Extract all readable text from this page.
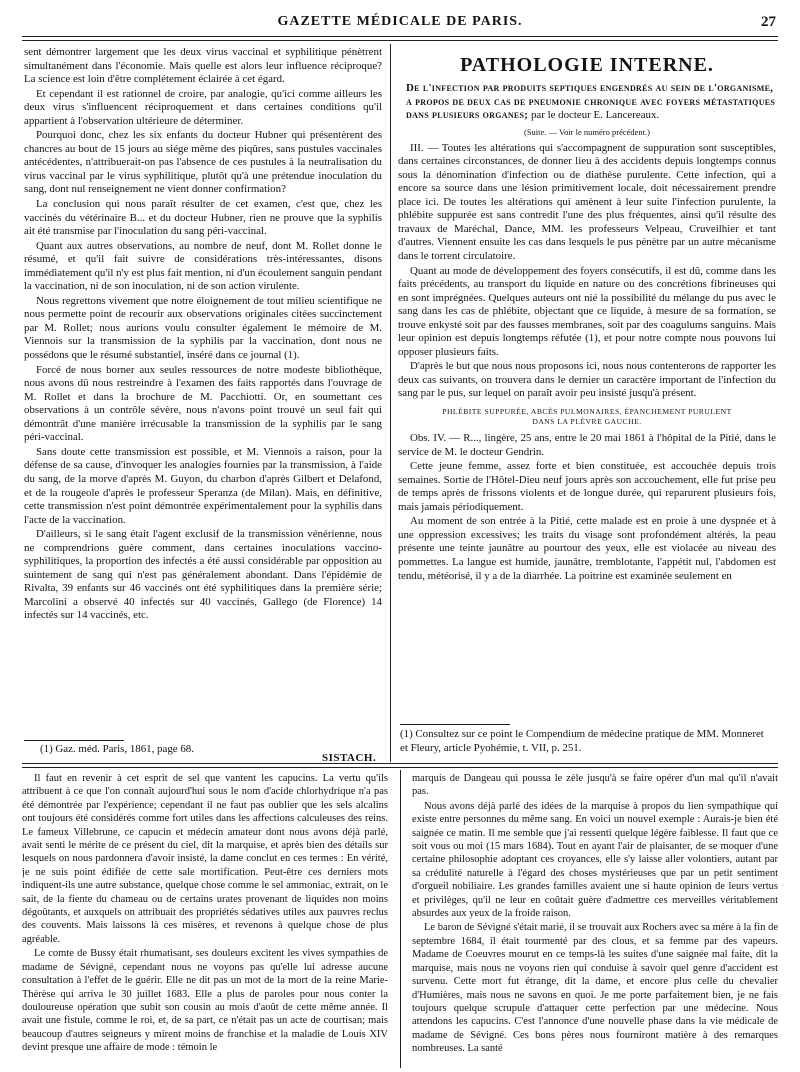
GAZETTE MÉDICALE DE PARIS.	27

sent démontrer largement que les deux virus vaccinal et syphilitique pénètrent simultanément dans l'économie. Mais quelle est alors leur influence réciproque? La science est loin d'être complétement éclairée à cet égard.

Et cependant il est rationnel de croire, par analogie, qu'ici comme ailleurs les deux virus s'influencent réciproquement et dans certaines conditions qu'il appartient à l'observation ultérieure de déterminer.

Pourquoi donc, chez les six enfants du docteur Hubner qui présentèrent des chancres au bout de 15 jours au siége même des piqûres, sans pustules vaccinales antécédentes, n'attribuerait-on pas l'absence de ces pustules à la neutralisation du virus vaccinal par le virus syphilitique, plutôt qu'à une prétendue inoculation du sang, dont nul renseignement ne vient donner confirmation?

La conclusion qui nous paraît résulter de cet examen, c'est que, chez les vaccinés du vétérinaire B... et du docteur Hubner, rien ne prouve que la syphilis ait été transmise par l'inoculation du sang péri-vaccinal.

Quant aux autres observations, au nombre de neuf, dont M. Rollet donne le résumé, et qu'il fait suivre de considérations très-intéressantes, disons immédiatement qu'il n'y est plus fait mention, ni d'un écoulement sanguin pendant la vaccination, ni de son inoculation, ni de son action virulente.

Nous regrettons vivement que notre éloignement de tout milieu scientifique ne nous permette point de recourir aux observations originales citées succinctement par M. Rollet; nous aurions voulu consulter également le mémoire de M. Viennois sur la transmission de la syphilis par la vaccination, dont nous ne possédons que le résumé substantiel, inséré dans ce journal (1).

Forcé de nous borner aux seules ressources de notre modeste bibliothèque, nous avons dû nous restreindre à l'examen des faits rapportés dans l'ouvrage de M. Rollet et dans la brochure de M. Pacchiotti. Or, en soumettant ces observations à un contrôle sévère, nous n'avons point trouvé un seul fait qui démontrât d'une manière irrécusable la transmission de la syphilis par le sang péri-vaccinal.

Sans doute cette transmission est possible, et M. Viennois a raison, pour la défense de sa cause, d'invoquer les analogies fournies par la transmission, à l'aide du sang, de la morve d'après M. Guyon, du charbon d'après Gilbert et Delafond, et de la rougeole d'après le professeur Speranza (de Milan). Mais, en définitive, cette transmission n'est point démontrée expérimentalement pour la syphilis dans l'acte de la vaccination.

D'ailleurs, si le sang était l'agent exclusif de la transmission vénérienne, nous ne comprendrions guère comment, dans certaines inoculations vaccino-syphilitiques, la proportion des infectés a été aussi considérable par opposition au suintement de sang qui n'est pas généralement abondant. Dans l'épidémie de Rivalta, 39 enfants sur 46 vaccinés ont été syphilitiques dans la première série; Marcolini a observé 40 infectés sur 40 vaccinés, Gallego (de Florence) 14 infectés sur 14 vaccinés, etc.

(1) Gaz. méd. Paris, 1861, page 68.
SISTACH.
PATHOLOGIE INTERNE.
De l'infection par produits septiques engendrés au sein de l'organisme, a propos de deux cas de pneumonie chronique avec foyers métastatiques dans plusieurs organes; par le docteur E. Lancereaux.
(Suite. — Voir le numéro précédent.)

III. — Toutes les altérations qui s'accompagnent de suppuration sont susceptibles, dans certaines circonstances, de donner lieu à des accidents depuis longtemps connus sous la dénomination d'infection ou de diathèse purulente. Cette infection, qui a encore sa source dans une lésion primitivement locale, doit nécessairement prendre place ici. De toutes les altérations qui amènent à leur suite l'infection purulente, la phlébite suppurée est sans contredit l'une des plus fréquentes, ainsi qu'il résulte des travaux de Maréchal, Dance, MM. les professeurs Velpeau, Cruveilhier et tant d'autres. Viennent ensuite les cas dans lesquels le pus pénètre par un autre mécanisme dans le torrent circulatoire.

Quant au mode de développement des foyers consécutifs, il est dû, comme dans les faits précédents, au transport du liquide en nature ou des concrétions fibrineuses qui en sont imprégnées. Quelques auteurs ont nié la possibilité du mélange du pus avec le sang dans les cas de phlébite, objectant que ce liquide, à mesure de sa formation, se trouve enkysté soit par des fausses membranes, soit par des coagulums sanguins. Mais leur opinion est depuis longtemps réfutée (1), et pour notre compte nous pouvons lui opposer plusieurs faits.

D'après le but que nous nous proposons ici, nous nous contenterons de rapporter les deux cas suivants, on trouvera dans le dernier un caractère important de l'infection du sang par le pus, sur lequel on paraît avoir peu insisté jusqu'à présent.

PHLÉBITE SUPPURÉE, ABCÈS PULMONAIRES, ÉPANCHEMENT PURULENT
DANS LA PLÈVRE GAUCHE.

Obs. IV. — R..., lingère, 25 ans, entre le 20 mai 1861 à l'hôpital de la Pitié, dans le service de M. le docteur Gendrin.

Cette jeune femme, assez forte et bien constituée, est accouchée depuis trois semaines. Sortie de l'Hôtel-Dieu neuf jours après son accouchement, elle fut prise peu de temps après de frissons violents et de longue durée, qui reparurent plusieurs fois, mais jamais périodiquement.

Au moment de son entrée à la Pitié, cette malade est en proie à une dyspnée et à une oppression excessives; les traits du visage sont profondément altérés, la peau présente une teinte jaunâtre au pourtour des yeux, elle est violacée au niveau des pommettes. La langue est humide, jaunâtre, tremblotante, l'appétit nul, l'abdomen est tendu, météorisé, il y a de la diarrhée. La poitrine est examinée seulement en

(1) Consultez sur ce point le Compendium de médecine pratique de MM. Monneret et Fleury, article Pyohémie, t. VII, p. 251.

Il faut en revenir à cet esprit de sel que vantent les capucins. La vertu qu'ils attribuent à ce que l'on connaît aujourd'hui sous le nom d'acide chlorhydrique n'a pas été démontrée par l'expérience; cependant il ne faut pas oublier que les sels alcalins ont toujours été considérés comme fort utiles dans les affections calculeuses des reins. Le fameux Villebrune, ce capucin et médecin amateur dont nous avons déjà parlé, avait senti le mérite de ce présent du ciel, dit la marquise, et après bien des détails sur lesquels on nous pardonnera d'avoir insisté, la dame conclut en ces termes : En vérité, je ne suis point édifiée de cette sale mortification. Peut-être ces derniers mots indiquent-ils une autre substance, quelque chose comme le sel ammoniac, extrait, on le sait, de la fiente du chameau ou de certains urates provenant de liquides non moins dégoûtants, et auxquels on attribuait des propriétés sédatives utiles aux pauvres reclus des couvents. Mais laissons là ces misères, et revenons à quelque chose de plus agréable.

Le comte de Bussy était rhumatisant, ses douleurs excitent les vives sympathies de madame de Sévigné, cependant nous ne voyons pas qu'elle lui adresse aucune consultation à l'effet de le guérir. Elle ne dit pas un mot de la mort de la reine Marie-Thérèse qui arriva le 30 juillet 1683. Elle a plus de paroles pour nous conter la douloureuse opération que subit son cousin au mois d'août de cette même année. Il avait une fistule, comme le roi, et, de sa part, ce n'était pas un acte de courtisan; mais beaucoup d'autres seigneurs y mirent moins de franchise et la maladie de Louis XIV devint presque une affaire de mode : témoin le

marquis de Dangeau qui poussa le zèle jusqu'à se faire opérer d'un mal qu'il n'avait pas.

Nous avons déjà parlé des idées de la marquise à propos du lien sympathique qui existe entre personnes du même sang. En voici un nouvel exemple : Aurais-je bien été saignée ce matin. Il me semble que j'ai ressenti quelque légère faiblesse. Il faut que ce soit vous ou moi (15 mars 1684). Tout en ayant l'air de plaisanter, de se moquer d'une certaine philosophie adoptant ces croyances, elle s'y laisse aller volontiers, autant par sa crédulité naturelle à l'égard des choses mystérieuses que par un petit sentiment d'orgueil nobiliaire. Les grandes familles avaient une si haute opinion de leurs vertus et privilèges, qu'il ne leur en coûtait guère d'admettre ces merveilles véritablement absurdes aux yeux de la froide raison.

Le baron de Sévigné s'était marié, il se trouvait aux Rochers avec sa mère à la fin de septembre 1684, il était tourmenté par des clous, et sa femme par des vapeurs. Madame de Coeuvres mourut en ce temps-là les suites d'une saignée mal faite, dit la marquise, mais nous ne voyons rien qui conduise à savoir quel genre d'accident est survenu. Cette mort fut étrange, dit la dame, et encore plus celle du chevalier d'Humières, mais nous ne savons en quoi. Je me porte parfaitement bien, je ne fais toujours quelque scrupule d'attaquer cette perfection par une médecine. Nous attendons les capucins. C'est l'annonce d'une nouvelle phase dans la vie médicale de madame de Sévigné. Ces bons pères nous fourniront matière à des remarques nombreuses. La santé
